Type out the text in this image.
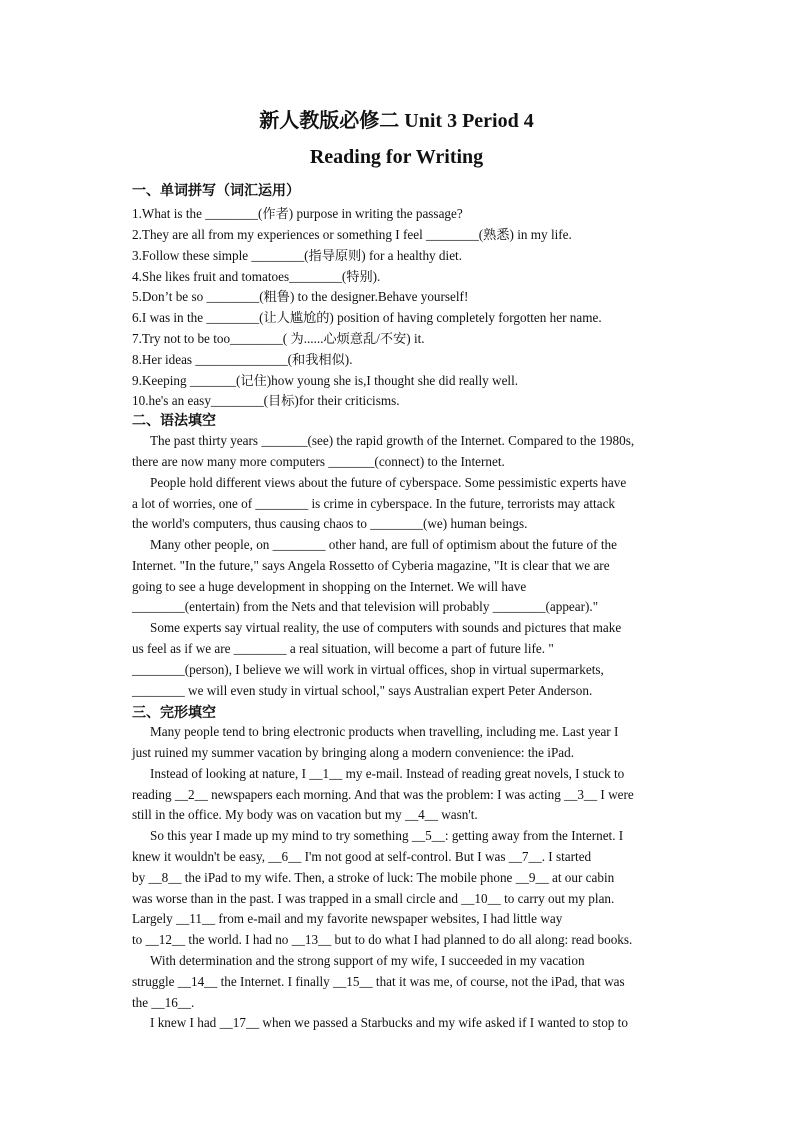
新人教版必修二 Unit 3 Period 4
Reading for Writing
一、单词拼写（词汇运用）
1.What is the ________(作者) purpose in writing the passage?
2.They are all from my experiences or something I feel ________(熟悉) in my life.
3.Follow these simple ________(指导原则) for a healthy diet.
4.She likes fruit and tomatoes________(特别).
5.Don’t be so ________(粗鲁) to the designer.Behave yourself!
6.I was in the ________(让人尴尬的) position of having completely forgotten her name.
7.Try not to be too________( 为......心烦意乱/不安) it.
8.Her ideas ______________(和我相似).
9.Keeping _______(记住)how young she is,I thought she did really well.
10.he's an easy________(目标)for their criticisms.
二、语法填空
The past thirty years _______(see) the rapid growth of the Internet. Compared to the 1980s,
there are now many more computers _______(connect) to the Internet.
People hold different views about the future of cyberspace. Some pessimistic experts have
a lot of worries, one of ________ is crime in cyberspace. In the future, terrorists may attack
the world's computers, thus causing chaos to ________(we) human beings.
Many other people, on ________ other hand, are full of optimism about the future of the
Internet. "In the future," says Angela Rossetto of Cyberia magazine, "It is clear that we are
going to see a huge development in shopping on the Internet. We will have
________(entertain) from the Nets and that television will probably ________(appear)."
Some experts say virtual reality, the use of computers with sounds and pictures that make
us feel as if we are ________ a real situation, will become a part of future life. "
________(person), I believe we will work in virtual offices, shop in virtual supermarkets,
________ we will even study in virtual school," says Australian expert Peter Anderson.
三、完形填空
Many people tend to bring electronic products when travelling, including me. Last year I
just ruined my summer vacation by bringing along a modern convenience: the iPad.
Instead of looking at nature, I __1__ my e-mail. Instead of reading great novels, I stuck to
reading __2__ newspapers each morning. And that was the problem: I was acting __3__ I were
still in the office. My body was on vacation but my __4__ wasn't.
So this year I made up my mind to try something __5__: getting away from the Internet. I
knew it wouldn't be easy, __6__ I'm not good at self-control. But I was __7__. I started
by __8__ the iPad to my wife. Then, a stroke of luck: The mobile phone __9__ at our cabin
was worse than in the past. I was trapped in a small circle and __10__ to carry out my plan.
Largely __11__ from e-mail and my favorite newspaper websites, I had little way
to __12__ the world. I had no __13__ but to do what I had planned to do all along: read books.
With determination and the strong support of my wife, I succeeded in my vacation
struggle __14__ the Internet. I finally __15__ that it was me, of course, not the iPad, that was
the __16__.
I knew I had __17__ when we passed a Starbucks and my wife asked if I wanted to stop to
